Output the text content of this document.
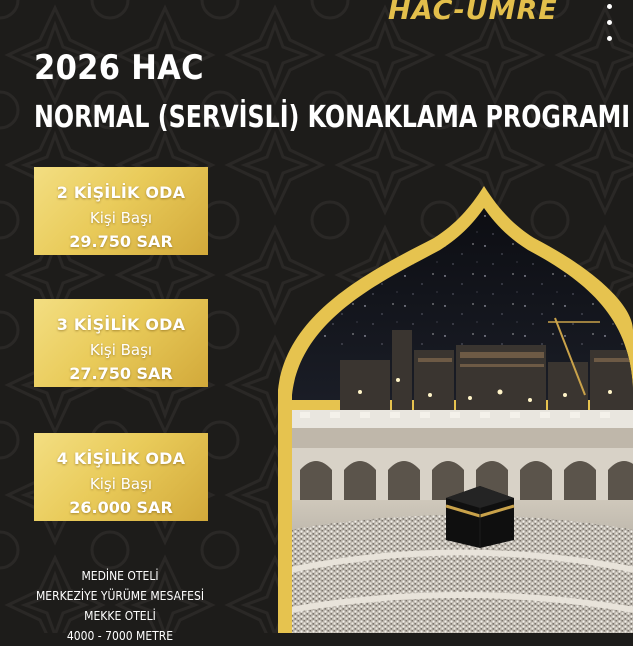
HAC-UMRE
2026 HAC
NORMAL (SERVİSLİ) KONAKLAMA PROGRAMI
2 KİŞİLİK ODA
Kişi Başı
29.750 SAR
3 KİŞİLİK ODA
Kişi Başı
27.750 SAR
4 KİŞİLİK ODA
Kişi Başı
26.000 SAR
MEDİNE OTELİ
MERKEZİYE YÜRÜME MESAFESİ
MEKKE OTELİ
4000 - 7000 METRE
